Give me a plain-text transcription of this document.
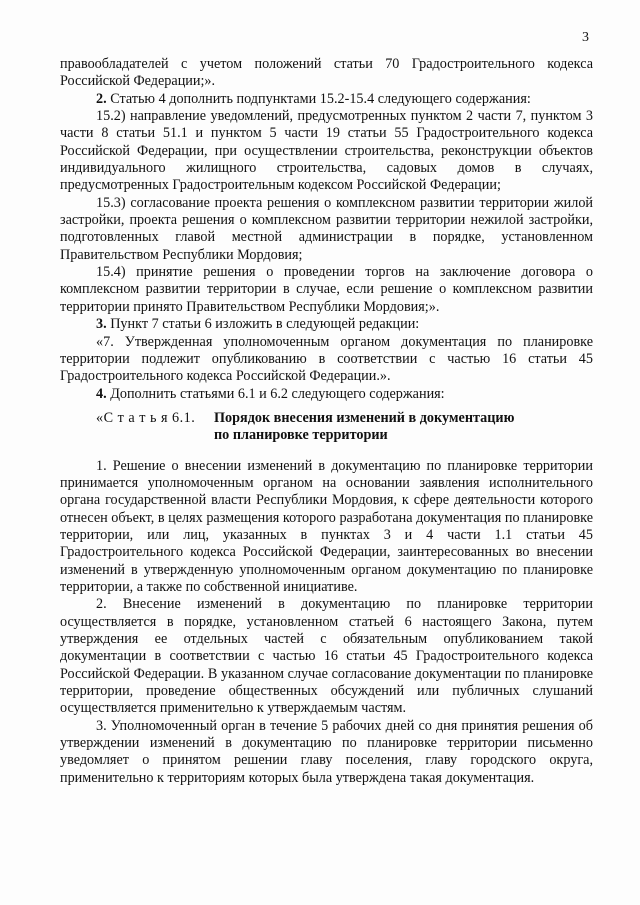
3

правообладателей с учетом положений статьи 70 Градостроительного кодекса Российской Федерации;».

2. Статью 4 дополнить подпунктами 15.2-15.4 следующего содержания:

15.2) направление уведомлений, предусмотренных пунктом 2 части 7, пунктом 3 части 8 статьи 51.1 и пунктом 5 части 19 статьи 55 Градостроительного кодекса Российской Федерации, при осуществлении строительства, реконструкции объектов индивидуального жилищного строительства, садовых домов в случаях, предусмотренных Градостроительным кодексом Российской Федерации;

15.3) согласование проекта решения о комплексном развитии территории жилой застройки, проекта решения о комплексном развитии территории нежилой застройки, подготовленных главой местной администрации в порядке, установленном Правительством Республики Мордовия;

15.4) принятие решения о проведении торгов на заключение договора о комплексном развитии территории в случае, если решение о комплексном развитии территории принято Правительством Республики Мордовия;».

3. Пункт 7 статьи 6 изложить в следующей редакции:

«7. Утвержденная уполномоченным органом документация по планировке территории подлежит опубликованию в соответствии с частью 16 статьи 45 Градостроительного кодекса Российской Федерации.».

4. Дополнить статьями 6.1 и 6.2 следующего содержания:

«С т а т ь я 6.1. Порядок внесения изменений в документацию
по планировке территории

1. Решение о внесении изменений в документацию по планировке территории принимается уполномоченным органом на основании заявления исполнительного органа государственной власти Республики Мордовия, к сфере деятельности которого отнесен объект, в целях размещения которого разработана документация по планировке территории, или лиц, указанных в пунктах 3 и 4 части 1.1 статьи 45 Градостроительного кодекса Российской Федерации, заинтересованных во внесении изменений в утвержденную уполномоченным органом документацию по планировке территории, а также по собственной инициативе.

2. Внесение изменений в документацию по планировке территории осуществляется в порядке, установленном статьей 6 настоящего Закона, путем утверждения ее отдельных частей с обязательным опубликованием такой документации в соответствии с частью 16 статьи 45 Градостроительного кодекса Российской Федерации. В указанном случае согласование документации по планировке территории, проведение общественных обсуждений или публичных слушаний осуществляется применительно к утверждаемым частям.

3. Уполномоченный орган в течение 5 рабочих дней со дня принятия решения об утверждении изменений в документацию по планировке территории письменно уведомляет о принятом решении главу поселения, главу городского округа, применительно к территориям которых была утверждена такая документация.
